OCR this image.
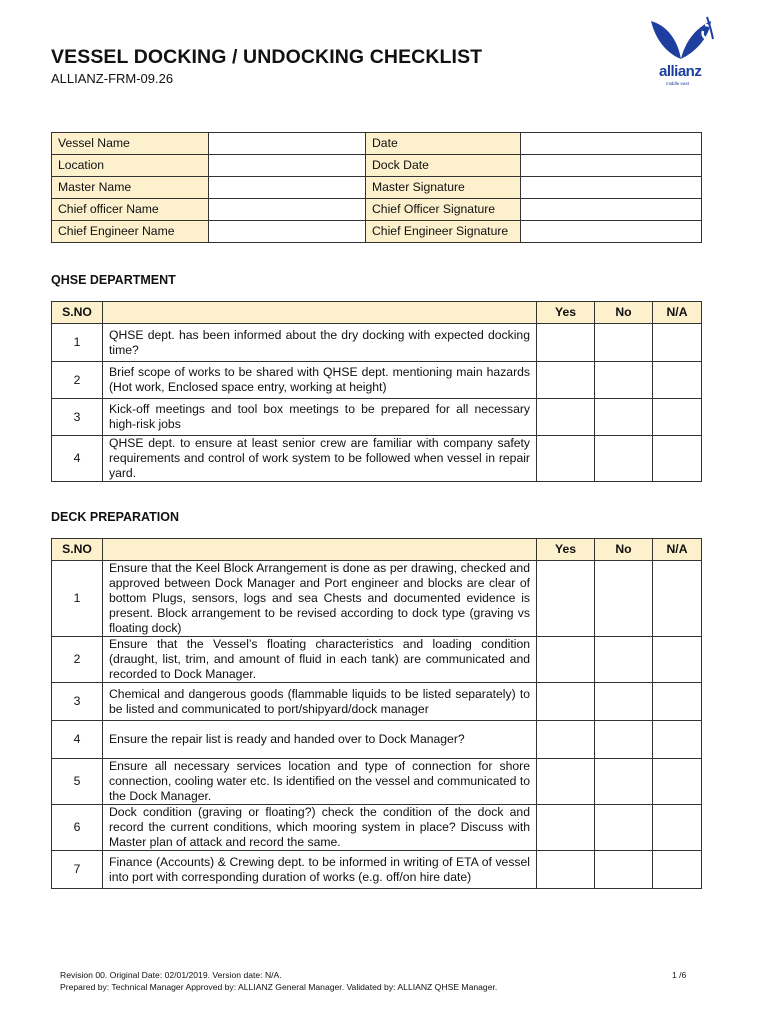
VESSEL DOCKING / UNDOCKING CHECKLIST
ALLIANZ-FRM-09.26	allianz
middle east
Vessel Name		Date	
Location		Dock Date	
Master Name		Master Signature	
Chief officer Name		Chief Officer Signature	
Chief Engineer Name		Chief Engineer Signature	
QHSE DEPARTMENT
S.NO		Yes	No	N/A
1	QHSE dept. has been informed about the dry docking with expected docking time?			
2	Brief scope of works to be shared with QHSE dept. mentioning main hazards (Hot work, Enclosed space entry, working at height)			
3	Kick-off meetings and tool box meetings to be prepared for all necessary high-risk jobs			
4	QHSE dept. to ensure at least senior crew are familiar with company safety requirements and control of work system to be followed when vessel in repair yard.			
DECK PREPARATION
S.NO		Yes	No	N/A
1	Ensure that the Keel Block Arrangement is done as per drawing, checked and approved between Dock Manager and Port engineer and blocks are clear of bottom Plugs, sensors, logs and sea Chests and documented evidence is present. Block arrangement to be revised according to dock type (graving vs floating dock)			
2	Ensure that the Vessel’s floating characteristics and loading condition (draught, list, trim, and amount of fluid in each tank) are communicated and recorded to Dock Manager.			
3	Chemical and dangerous goods (flammable liquids to be listed separately) to be listed and communicated to port/shipyard/dock manager			
4	Ensure the repair list is ready and handed over to Dock Manager?			
5	Ensure all necessary services location and type of connection for shore connection, cooling water etc. Is identified on the vessel and communicated to the Dock Manager.			
6	Dock condition (graving or floating?) check the condition of the dock and record the current conditions, which mooring system in place? Discuss with Master plan of attack and record the same.			
7	Finance (Accounts) & Crewing dept. to be informed in writing of ETA of vessel into port with corresponding duration of works (e.g. off/on hire date)			
Revision 00. Original Date: 02/01/2019. Version date: N/A.
Prepared by: Technical Manager Approved by: ALLIANZ General Manager. Validated by: ALLIANZ QHSE Manager.
1 /6
